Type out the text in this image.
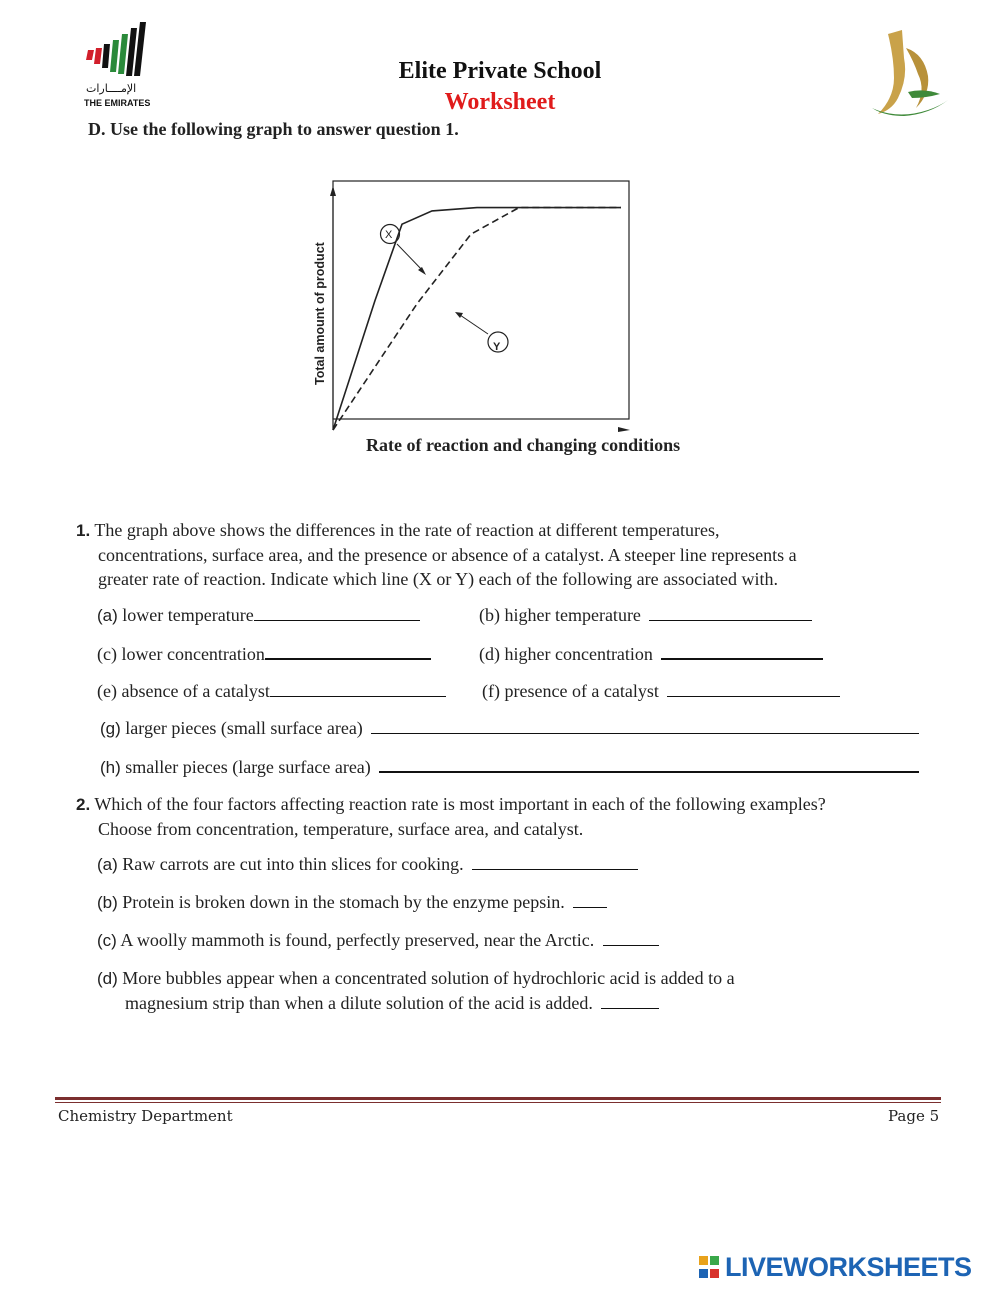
الإمــــارات
THE EMIRATES
Elite Private School
Worksheet
D. Use the following graph to answer question 1.
Total amount of product
Rate of reaction and changing conditions
X
Y
1. The graph above shows the differences in the rate of reaction at different temperatures,
concentrations, surface area, and the presence or absence of a catalyst. A steeper line represents a
greater rate of reaction. Indicate which line (X or Y) each of the following are associated with.
(a) lower temperature	(b) higher temperature
(c) lower concentration	(d) higher concentration
(e) absence of a catalyst	(f) presence of a catalyst
(g) larger pieces (small surface area)
(h) smaller pieces (large surface area)
2. Which of the four factors affecting reaction rate is most important in each of the following examples?
Choose from concentration, temperature, surface area, and catalyst.
(a) Raw carrots are cut into thin slices for cooking.
(b) Protein is broken down in the stomach by the enzyme pepsin.
(c) A woolly mammoth is found, perfectly preserved, near the Arctic.
(d) More bubbles appear when a concentrated solution of hydrochloric acid is added to a
magnesium strip than when a dilute solution of the acid is added.
Chemistry Department	Page 5
LIVEWORKSHEETS
